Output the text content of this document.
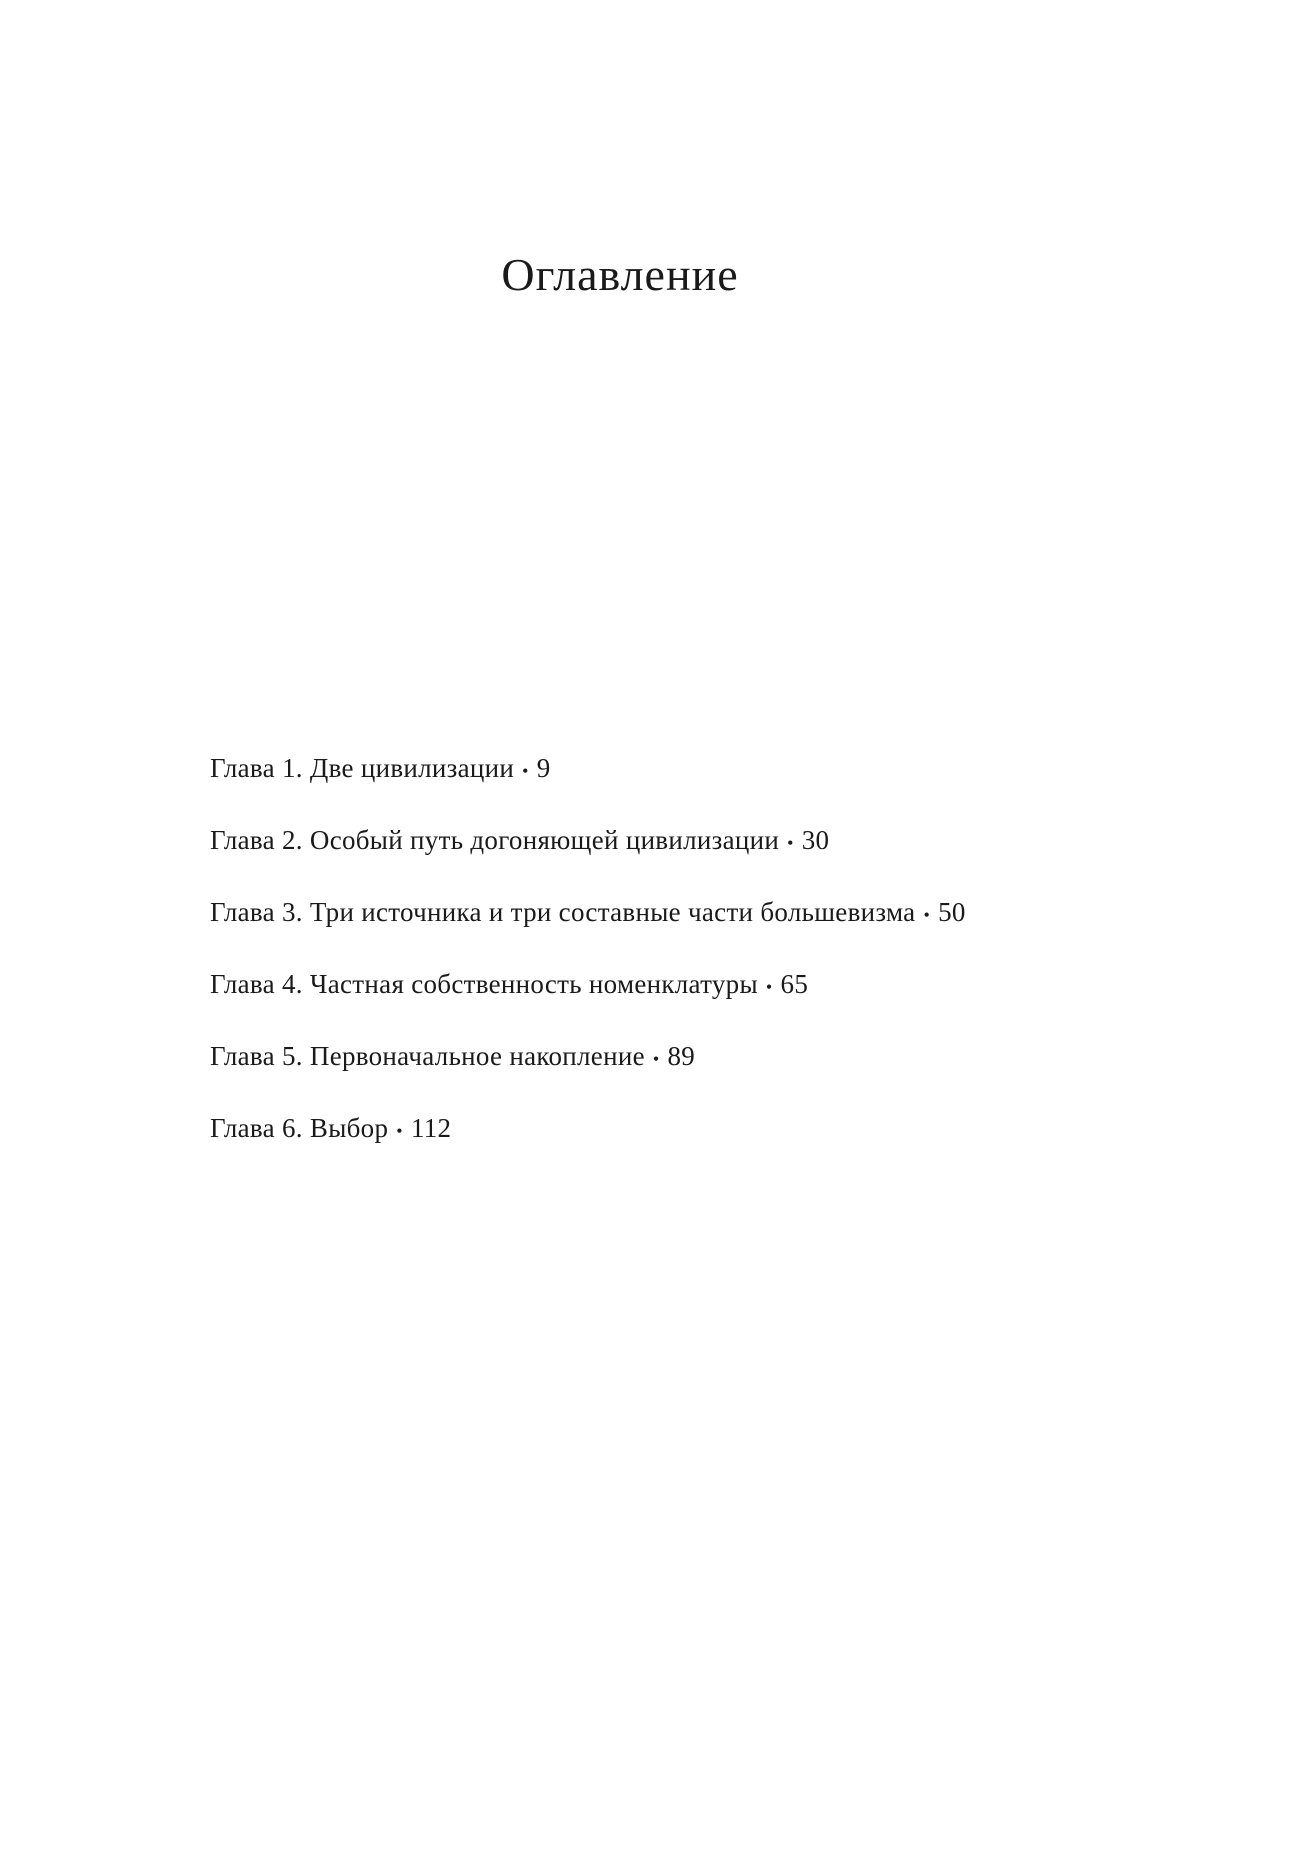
Оглавление
Глава 1. Две цивилизации • 9
Глава 2. Особый путь догоняющей цивилизации • 30
Глава 3. Три источника и три составные части большевизма • 50
Глава 4. Частная собственность номенклатуры • 65
Глава 5. Первоначальное накопление • 89
Глава 6. Выбор • 112
